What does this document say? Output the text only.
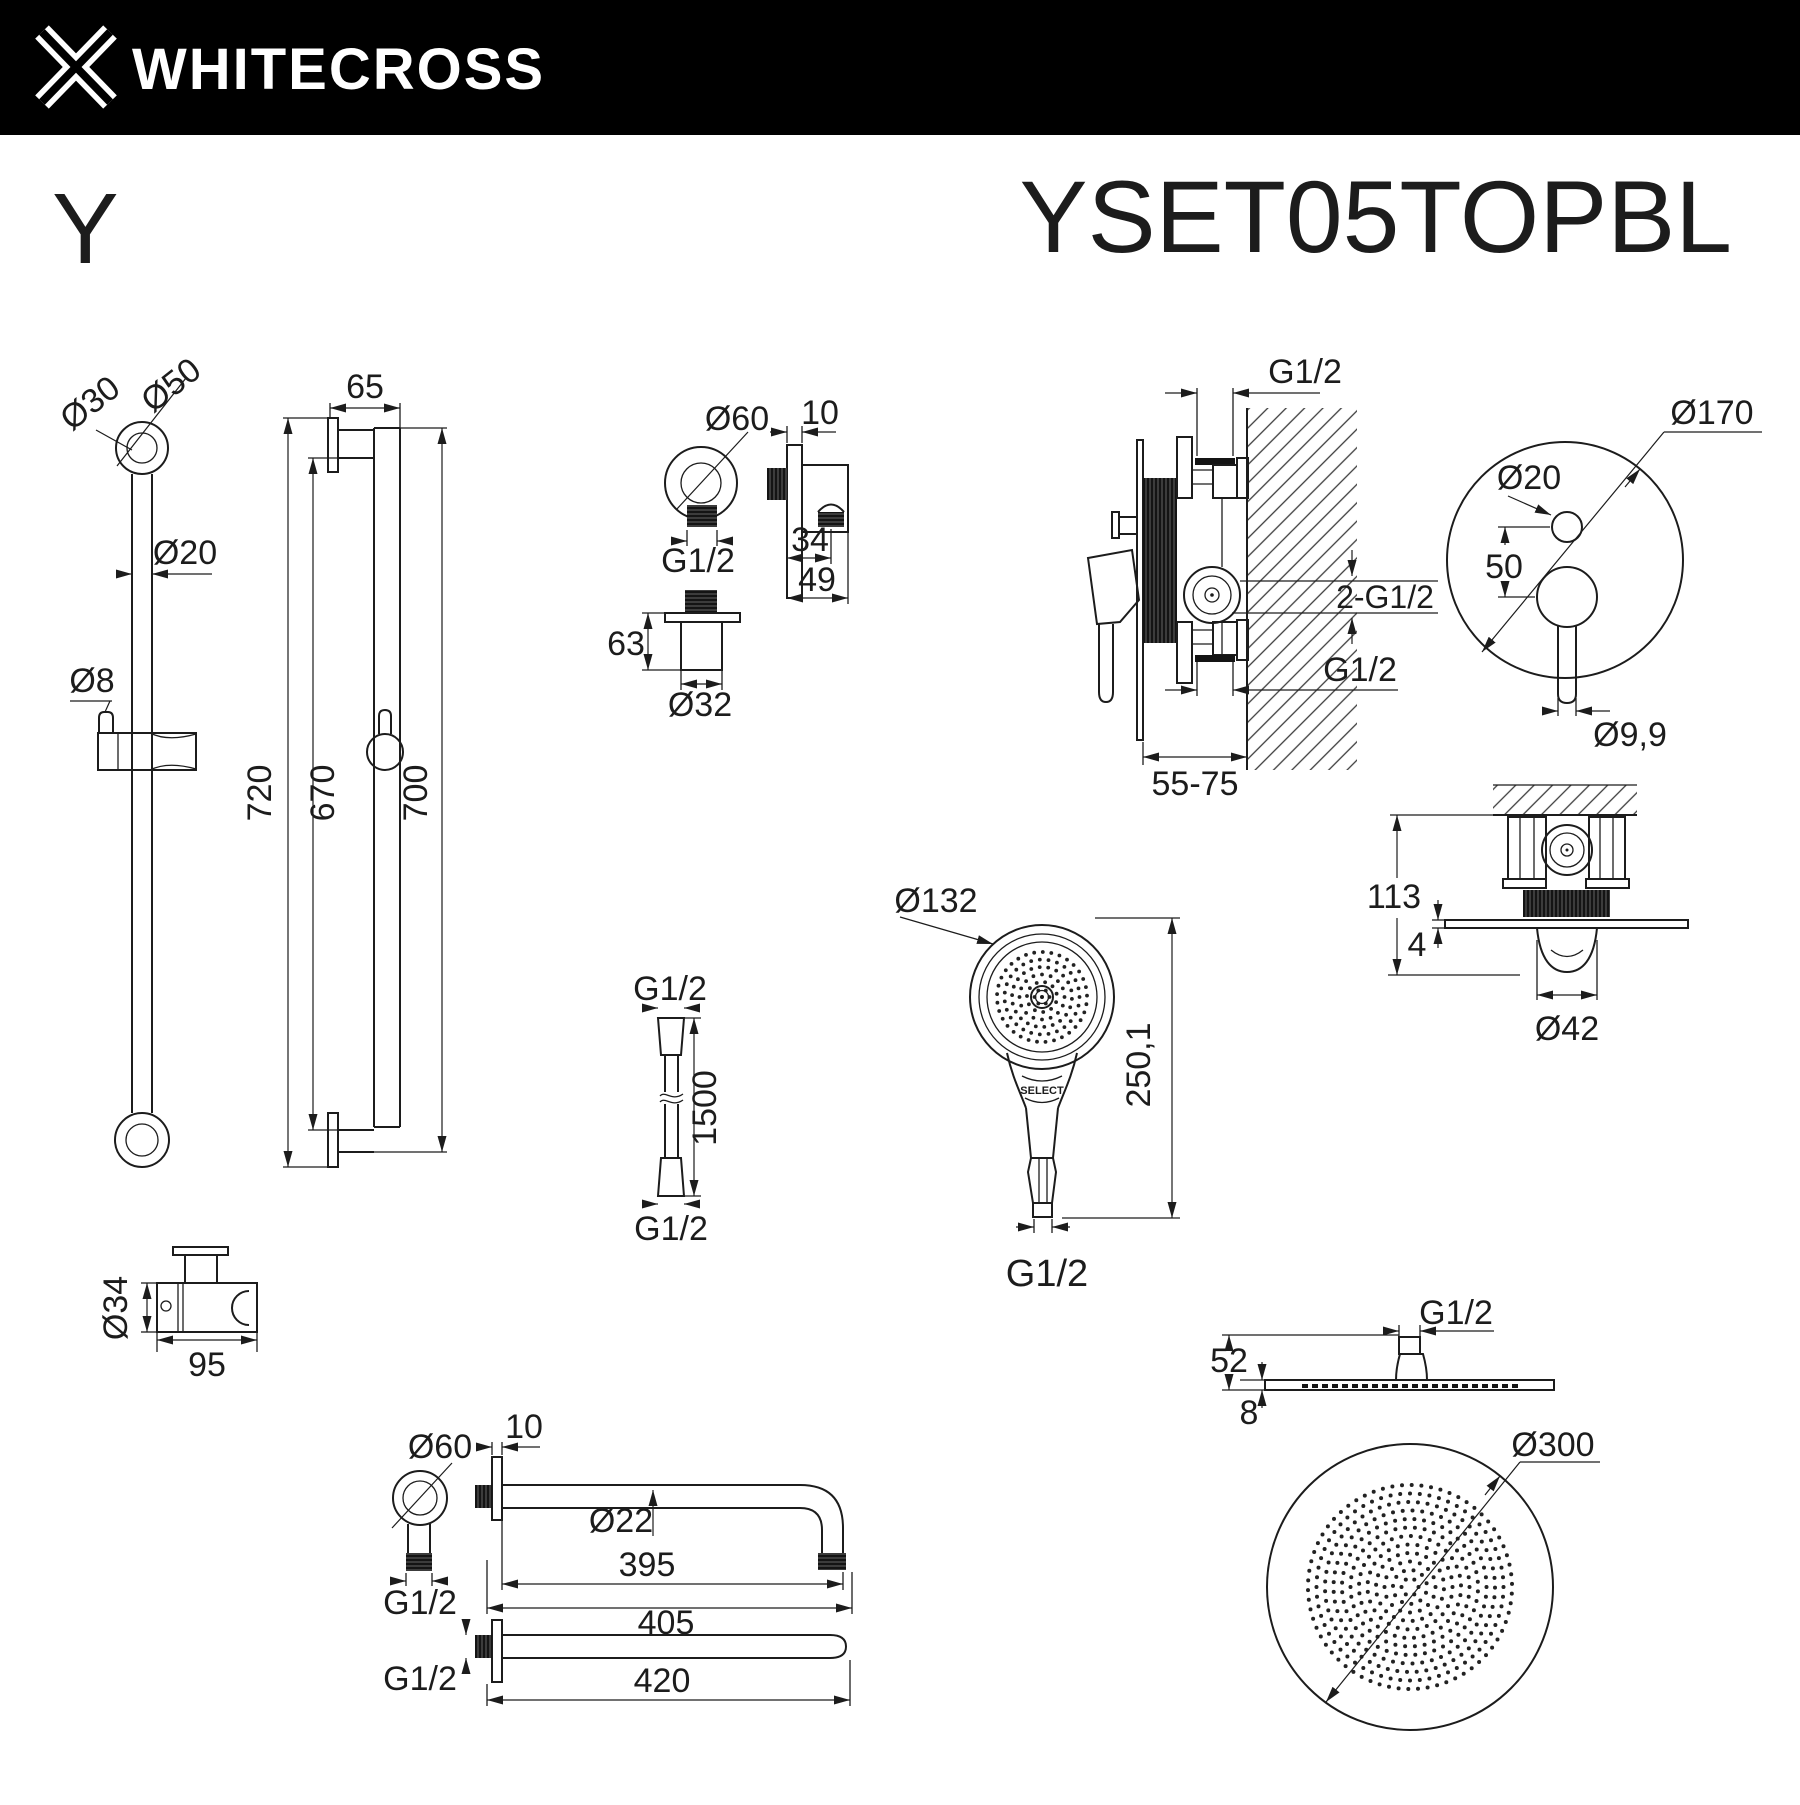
WHITECROSS
Y	YSET05TOPBL
Ø30 Ø50
Ø20
Ø8
65
720 670 700
Ø34
95
Ø60
G1/2
10
34
49
63
Ø32
G1/2
2-G1/2
G1/2
55-75
Ø170
Ø20
50
Ø9,9
113
4
Ø42
Ø132
SELECT
G1/2
250,1
G1/2
G1/2
1500
Ø60
G1/2
10
Ø22
395
405
G1/2	420
G1/2
52
8
Ø300
